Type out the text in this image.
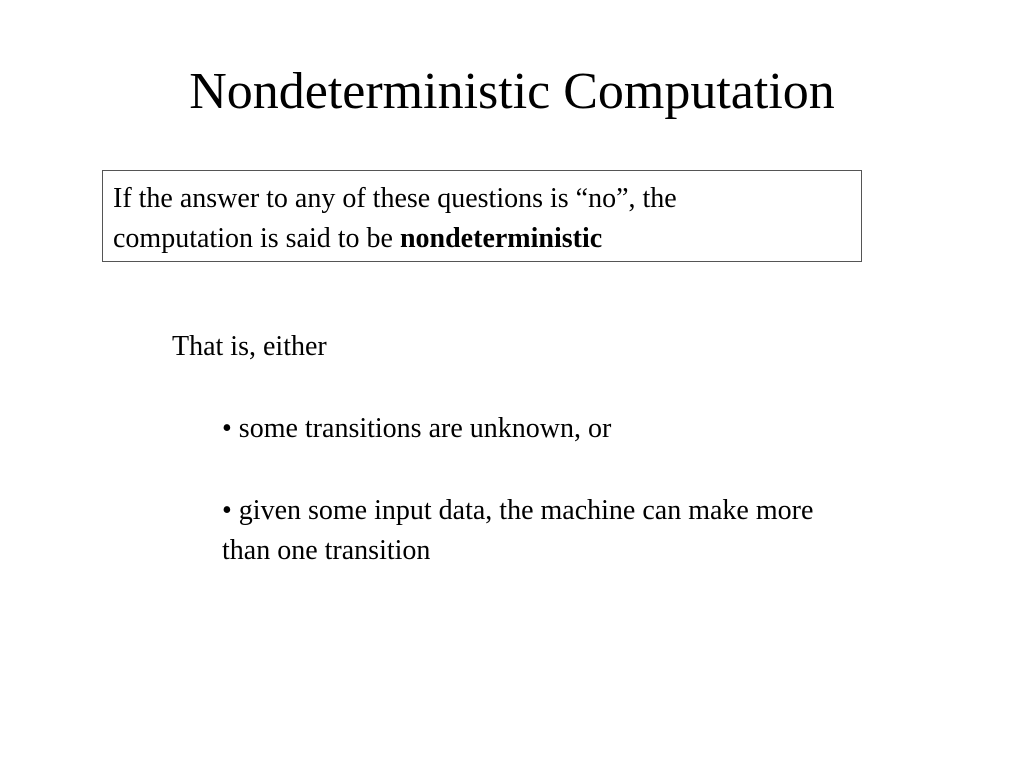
Nondeterministic Computation
If the answer to any of these questions is “no”, the
computation is said to be nondeterministic
That is, either
• some transitions are unknown, or
• given some input data, the machine can make more
than one transition
